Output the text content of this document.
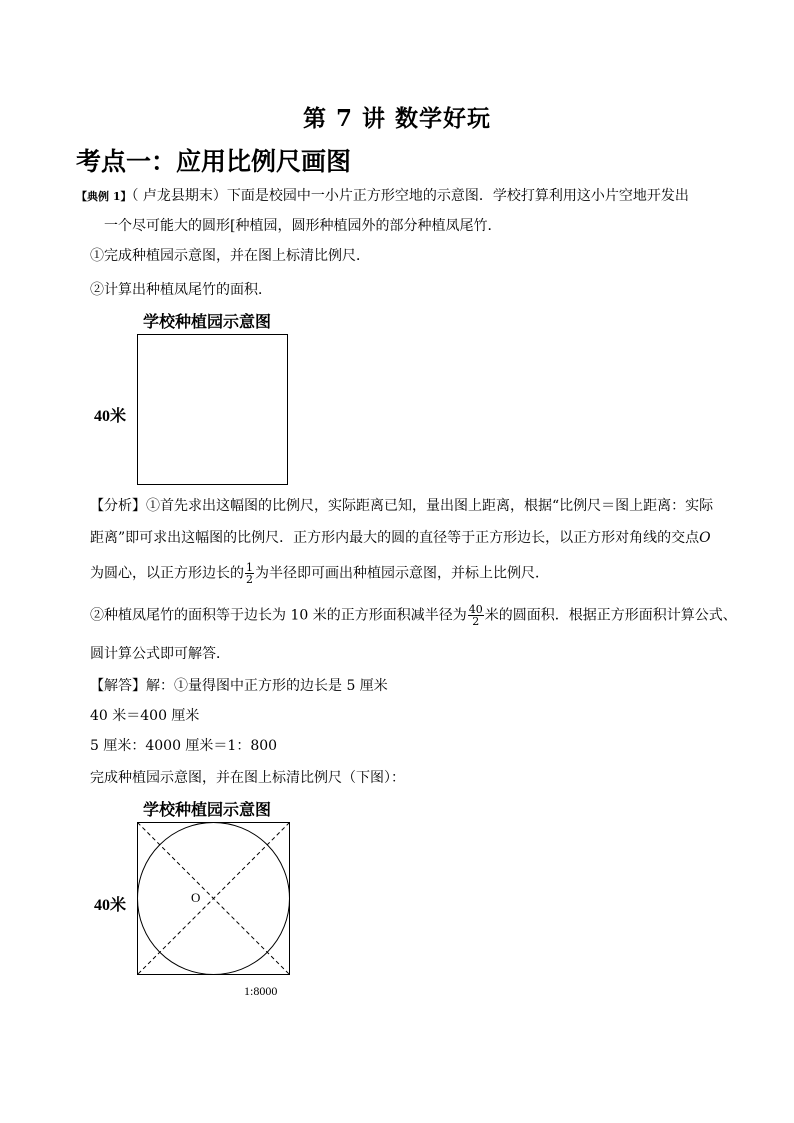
第 7 讲 数学好玩
考点一：应用比例尺画图
【典例 1】（ 卢龙县期末）下面是校园中一小片正方形空地的示意图．学校打算利用这小片空地开发出
一个尽可能大的圆形[种植园，圆形种植园外的部分种植凤尾竹．
①完成种植园示意图，并在图上标清比例尺．
②计算出种植凤尾竹的面积．
学校种植园示意图
40米
【分析】①首先求出这幅图的比例尺，实际距离已知，量出图上距离，根据“比例尺＝图上距离：实际
距离”即可求出这幅图的比例尺．正方形内最大的圆的直径等于正方形边长，以正方形对角线的交点O
为圆心，以正方形边长的 $\frac{1}{2}$ 为半径即可画出种植园示意图，并标上比例尺．
②种植凤尾竹的面积等于边长为 10 米的正方形面积减半径为 $\frac{40}{2}$ 米的圆面积．根据正方形面积计算公式、
圆计算公式即可解答．
【解答】解：①量得图中正方形的边长是 5 厘米
40 米＝400 厘米
5 厘米：4000 厘米＝1：800
完成种植园示意图，并在图上标清比例尺（下图）：
学校种植园示意图
40米	O
1:8000
